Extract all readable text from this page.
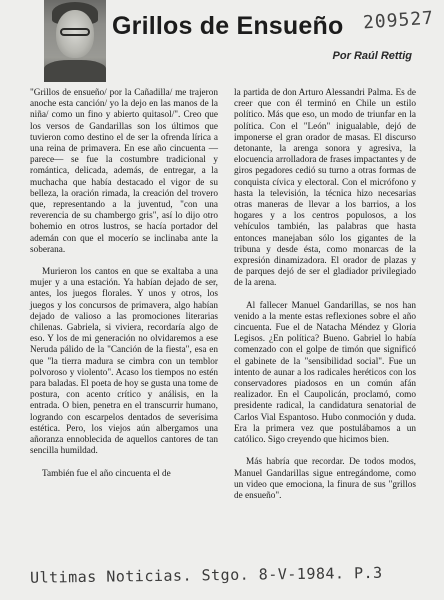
Grillos de Ensueño
Por Raúl Rettig
209527

"Grillos de ensueño/ por la Cañadilla/ me trajeron anoche esta canción/ yo la dejo en las manos de la niña/ como un fino y abierto quitasol/". Creo que los versos de Gandarillas son los últimos que tuvieron como destino el de ser la ofrenda lírica a una reina de primavera. En ese año cincuenta —parece— se fue la costumbre tradicional y romántica, delicada, además, de entregar, a la muchacha que había destacado el vigor de su belleza, la oración rimada, la creación del trovero que, representando a la juventud, "con una reverencia de su chambergo gris", así lo dijo otro bohemio en otros lustros, se hacía portador del ademán con que el mocerío se inclinaba ante la soberana.

Murieron los cantos en que se exaltaba a una mujer y a una estación. Ya habían dejado de ser, antes, los juegos florales. Y unos y otros, los juegos y los concursos de primavera, algo habían dejado de valioso a las promociones literarias chilenas. Gabriela, si viviera, recordaría algo de eso. Y los de mi generación no olvidaremos a ese Neruda pálido de la "Canción de la fiesta", esa en que "la tierra madura se cimbra con un temblor polvoroso y violento". Acaso los tiempos no estén para baladas. El poeta de hoy se gusta una tome de postura, con acento crítico y análisis, en la entrada. O bien, penetra en el transcurrir humano, logrando con escarpelos dentados de severísima estética. Pero, los viejos aún albergamos una añoranza ennoblecida de aquellos cantores de tan sencilla humildad.

También fue el año cincuenta el de

la partida de don Arturo Alessandri Palma. Es de creer que con él terminó en Chile un estilo político. Más que eso, un modo de triunfar en la política. Con el "León" inigualable, dejó de imponerse el gran orador de masas. El discurso detonante, la arenga sonora y agresiva, la elocuencia arrolladora de frases impactantes y de giros pegadores cedió su turno a otras formas de conquista cívica y electoral. Con el micrófono y hasta la televisión, la técnica hizo necesarias otras maneras de llevar a los barrios, a los hogares y a los centros populosos, a los vehículos también, las palabras que hasta entonces manejaban sólo los gigantes de la tribuna y desde ésta, como monarcas de la expresión dinamizadora. El orador de plazas y de parques dejó de ser el gladiador privilegiado de la arena.

Al fallecer Manuel Gandarillas, se nos han venido a la mente estas reflexiones sobre el año cincuenta. Fue el de Natacha Méndez y Gloria Legisos. ¿En política? Bueno. Gabriel lo había comenzado con el golpe de timón que significó el gabinete de la "sensibilidad social". Fue un intento de aunar a los radicales heréticos con los conservadores piadosos en un común afán realizador. En el Caupolicán, proclamó, como presidente radical, la candidatura senatorial de Carlos Vial Espantoso. Hubo conmoción y duda. Era la primera vez que postulábamos a un católico. Sigo creyendo que hicimos bien.

Más habría que recordar. De todos modos, Manuel Gandarillas sigue entregándome, como un video que emociona, la finura de sus "grillos de ensueño".

Ultimas Noticias. Stgo. 8-V-1984. P.3
